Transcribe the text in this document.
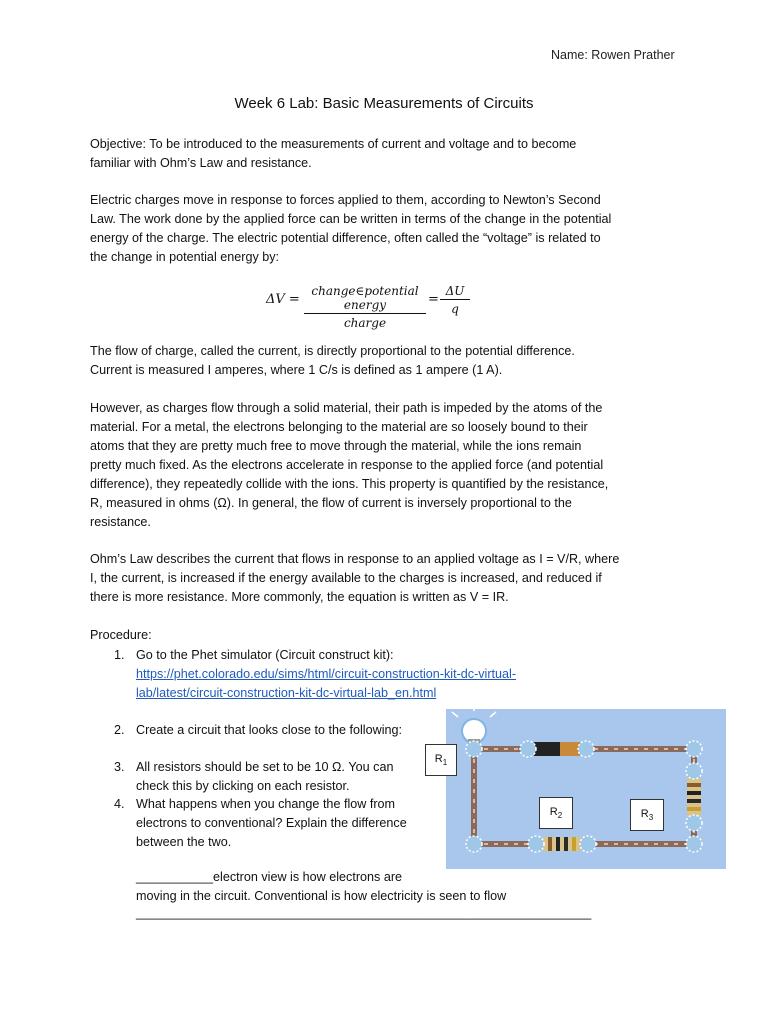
Name: Rowen Prather
Week 6 Lab: Basic Measurements of Circuits
Objective: To be introduced to the measurements of current and voltage and to become
familiar with Ohm’s Law and resistance.
Electric charges move in response to forces applied to them, according to Newton’s Second
Law. The work done by the applied force can be written in terms of the change in the potential
energy of the charge. The electric potential difference, often called the “voltage” is related to
the change in potential energy by:
ΔV =
change∈potential energy
charge
=
ΔU
q
The flow of charge, called the current, is directly proportional to the potential difference.
Current is measured I amperes, where 1 C/s is defined as 1 ampere (1 A).
However, as charges flow through a solid material, their path is impeded by the atoms of the
material. For a metal, the electrons belonging to the material are so loosely bound to their
atoms that they are pretty much free to move through the material, while the ions remain
pretty much fixed. As the electrons accelerate in response to the applied force (and potential
difference), they repeatedly collide with the ions. This property is quantified by the resistance,
R, measured in ohms (Ω). In general, the flow of current is inversely proportional to the
resistance.
Ohm’s Law describes the current that flows in response to an applied voltage as I = V/R, where
I, the current, is increased if the energy available to the charges is increased, and reduced if
there is more resistance. More commonly, the equation is written as V = IR.
Procedure:
1. Go to the Phet simulator (Circuit construct kit):
https://phet.colorado.edu/sims/html/circuit-construction-kit-dc-virtual-
lab/latest/circuit-construction-kit-dc-virtual-lab_en.html
2. Create a circuit that looks close to the following:
3. All resistors should be set to be 10 Ω. You can
check this by clicking on each resistor.
4. What happens when you change the flow from
electrons to conventional? Explain the difference
between the two.
___________electron view is how electrons are
moving in the circuit. Conventional is how electricity is seen to flow
_________________________________________________________________
$R_1$
$R_2$	$R_3$
